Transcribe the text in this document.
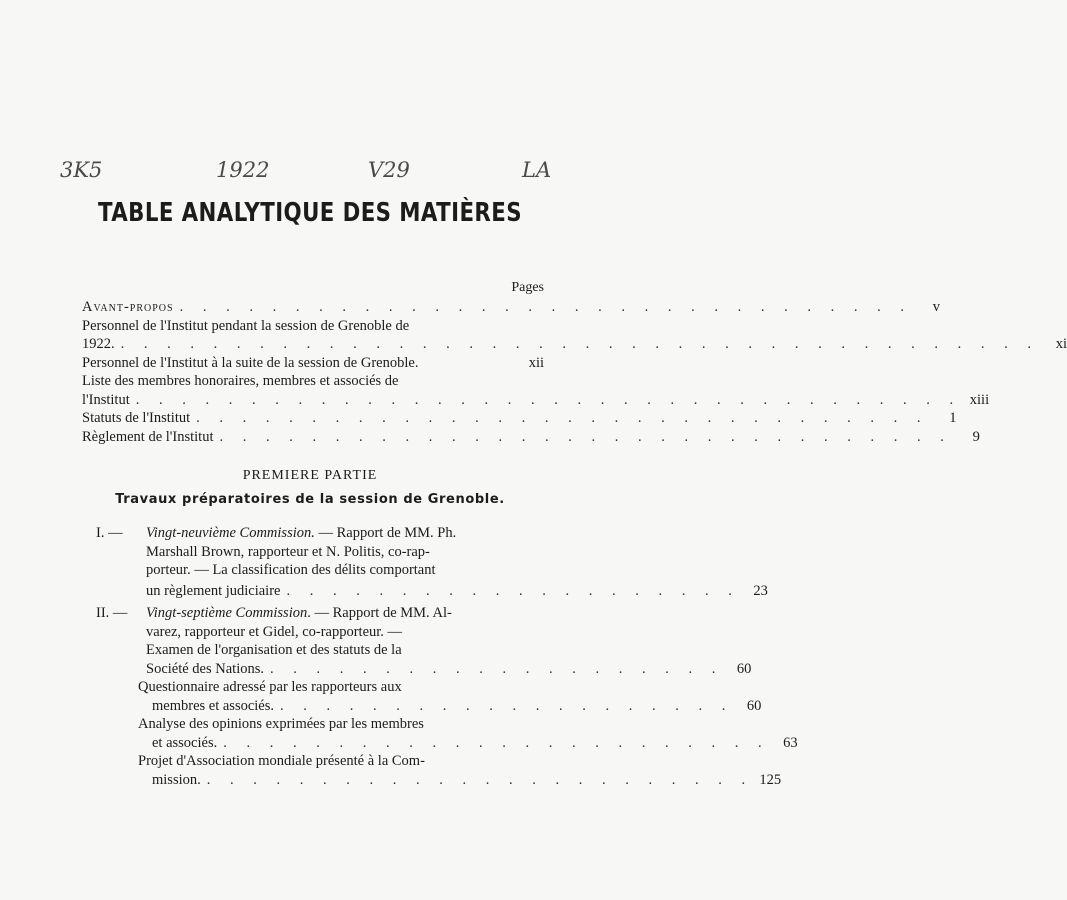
3K5	1922	V29	LA
TABLE ANALYTIQUE DES MATIÈRES
Pages
Avant-propos . . . . . . . . . . . . . . . . . . . . . . . . . . . . . . . .	v
Personnel de l'Institut pendant la session de Grenoble de
1922. . . . . . . . . . . . . . . . . . . . . . . . . . . . . . . . . . . . . . . . .	xi
Personnel de l'Institut à la suite de la session de Grenoble.	xii
Liste des membres honoraires, membres et associés de
l'Institut . . . . . . . . . . . . . . . . . . . . . . . . . . . . . . . . . . . . xiii
Statuts de l'Institut . . . . . . . . . . . . . . . . . . . . . . . . . . . . . . . .	1
Règlement de l'Institut . . . . . . . . . . . . . . . . . . . . . . . . . . . . . . . .	9
PREMIERE PARTIE
Travaux préparatoires de la session de Grenoble.
I. — Vingt-neuvième Commission. — Rapport de MM. Ph.
Marshall Brown, rapporteur et N. Politis, co-rap-
porteur. — La classification des délits comportant
un règlement judiciaire . . . . . . . . . . . . . . . . . . . . 23
II. — Vingt-septième Commission. — Rapport de MM. Al-
varez, rapporteur et Gidel, co-rapporteur. —
Examen de l'organisation et des statuts de la
Société des Nations. . . . . . . . . . . . . . . . . . . . . 60
Questionnaire adressé par les rapporteurs aux
membres et associés. . . . . . . . . . . . . . . . . . . . . 60
Analyse des opinions exprimées par les membres
et associés. . . . . . . . . . . . . . . . . . . . . . . . . 63
Projet d'Association mondiale présenté à la Com-
mission. . . . . . . . . . . . . . . . . . . . . . . . . 125
